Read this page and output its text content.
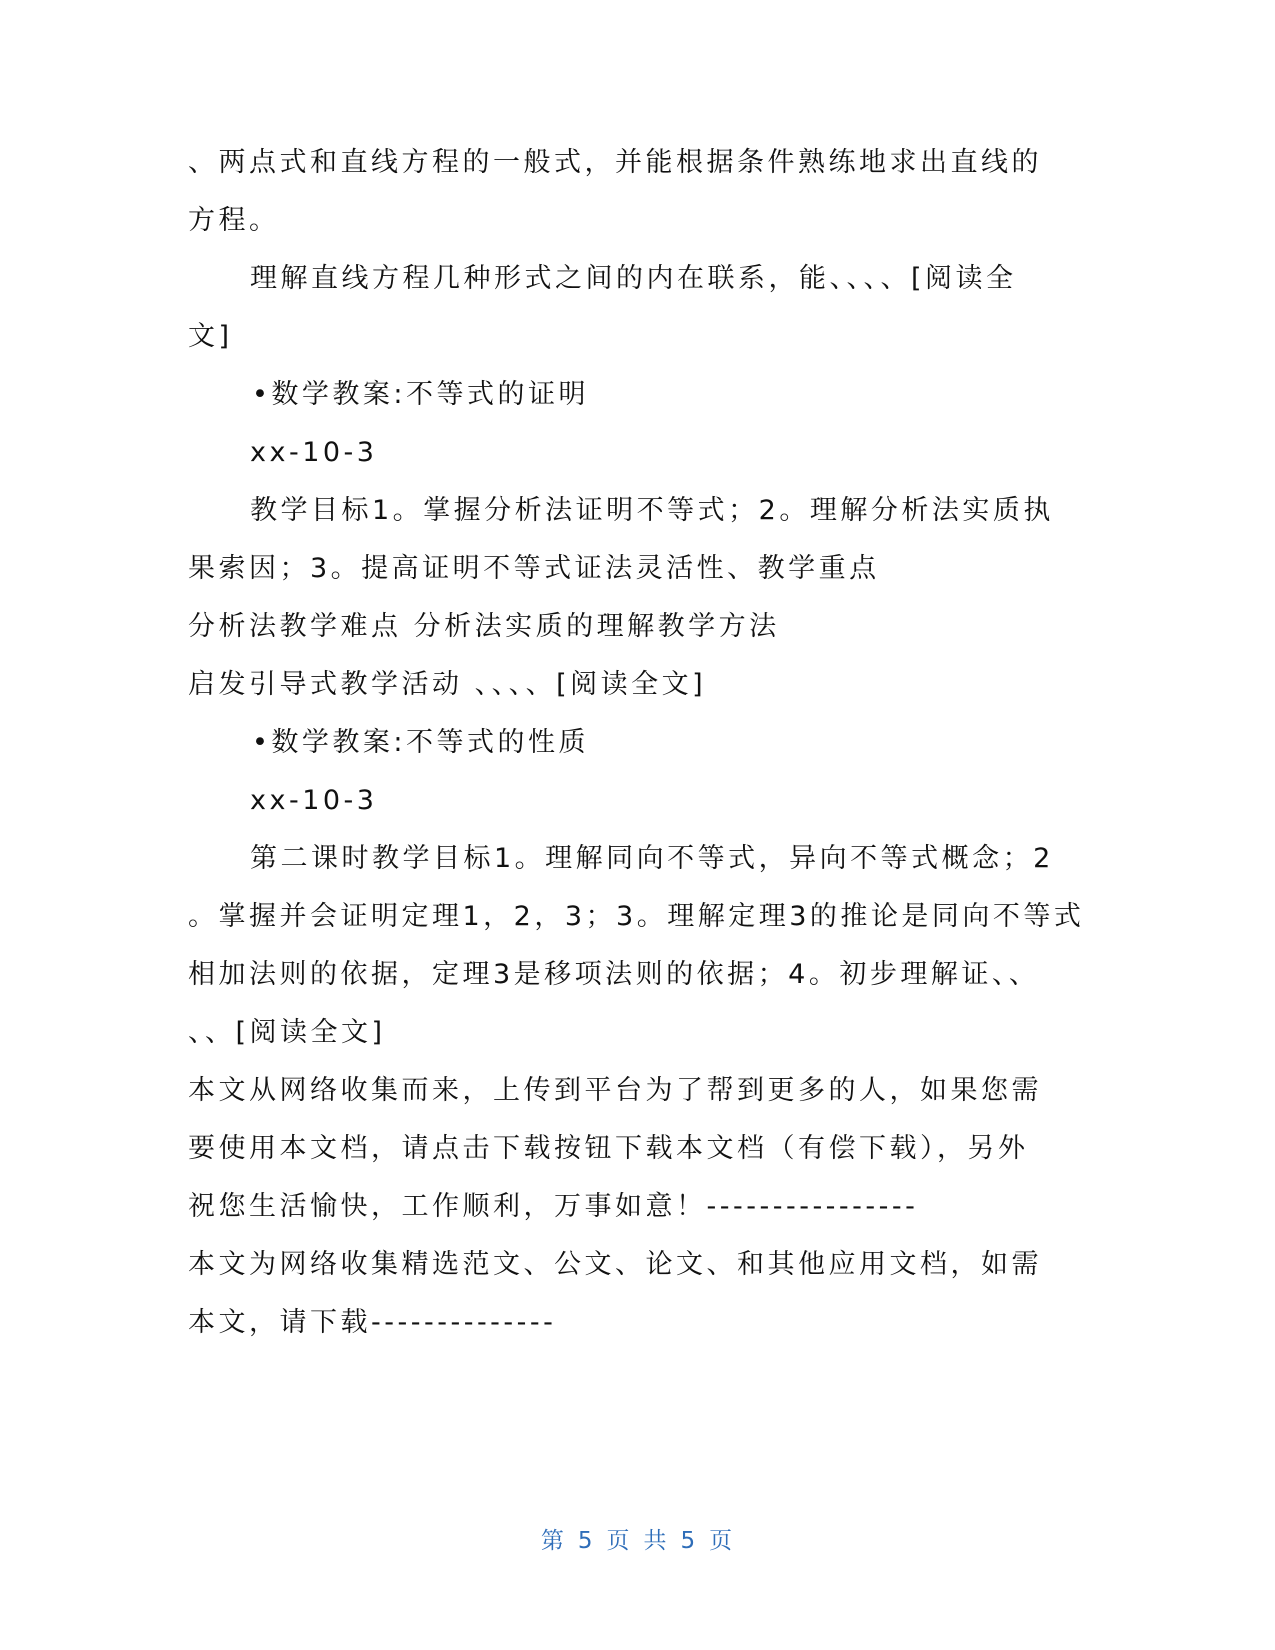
、两点式和直线方程的一般式，并能根据条件熟练地求出直线的
方程。
理解直线方程几种形式之间的内在联系，能、、、、[阅读全
文]
•数学教案:不等式的证明
xx-10-3
教学目标1。掌握分析法证明不等式；2。理解分析法实质执
果索因；3。提高证明不等式证法灵活性、教学重点
分析法教学难点 分析法实质的理解教学方法
启发引导式教学活动 、、、、[阅读全文]
•数学教案:不等式的性质
xx-10-3
第二课时教学目标1。理解同向不等式，异向不等式概念；2
。掌握并会证明定理1，2，3；3。理解定理3的推论是同向不等式
相加法则的依据，定理3是移项法则的依据；4。初步理解证、、
、、[阅读全文]
本文从网络收集而来，上传到平台为了帮到更多的人，如果您需
要使用本文档，请点击下载按钮下载本文档（有偿下载），另外
祝您生活愉快，工作顺利，万事如意！----------------
本文为网络收集精选范文、公文、论文、和其他应用文档，如需
本文，请下载--------------
第 5 页 共 5 页
